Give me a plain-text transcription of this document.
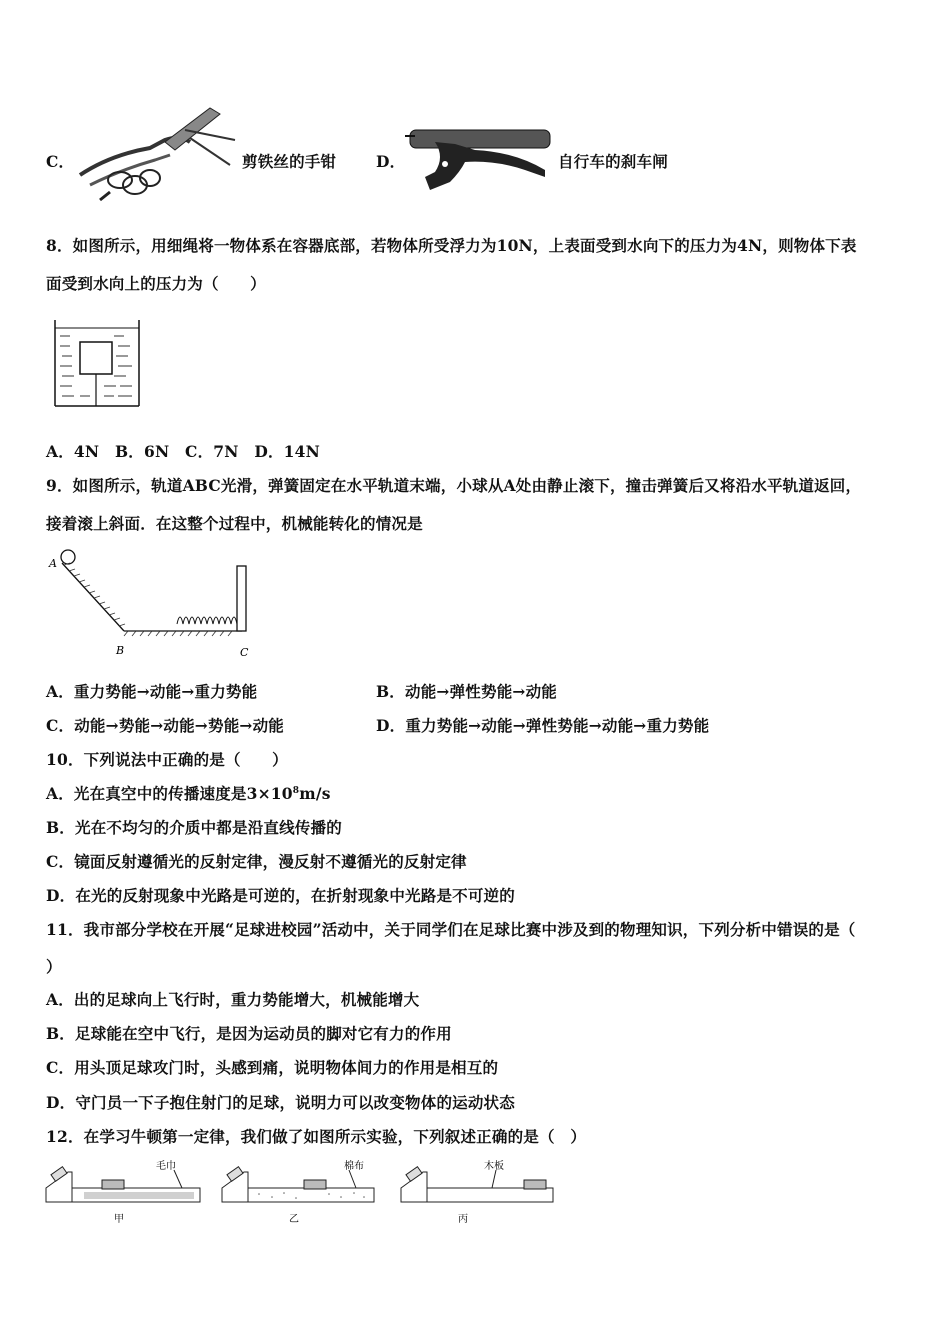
C．	剪铁丝的手钳	D．	自行车的刹车闸
8．如图所示，用细绳将一物体系在容器底部，若物体所受浮力为10N，上表面受到水向下的压力为4N，则物体下表
面受到水向上的压力为（　　）
A．4N　B．6N　C．7N　D．14N
9．如图所示，轨道ABC光滑，弹簧固定在水平轨道末端，小球从A处由静止滚下，撞击弹簧后又将沿水平轨道返回，
接着滚上斜面．在这整个过程中，机械能转化的情况是
A
B	C
A．重力势能→动能→重力势能	B．动能→弹性势能→动能
C．动能→势能→动能→势能→动能	D．重力势能→动能→弹性势能→动能→重力势能
10．下列说法中正确的是（　　）
A．光在真空中的传播速度是$3\times 10^8m/s$
B．光在不均匀的介质中都是沿直线传播的
C．镜面反射遵循光的反射定律，漫反射不遵循光的反射定律
D．在光的反射现象中光路是可逆的，在折射现象中光路是不可逆的
11．我市部分学校在开展“足球进校园”活动中，关于同学们在足球比赛中涉及到的物理知识，下列分析中错误的是（
）
A．出的足球向上飞行时，重力势能增大，机械能增大
B．足球能在空中飞行，是因为运动员的脚对它有力的作用
C．用头顶足球攻门时，头感到痛，说明物体间力的作用是相互的
D．守门员一下子抱住射门的足球，说明力可以改变物体的运动状态
12．在学习牛顿第一定律，我们做了如图所示实验，下列叙述正确的是（　）
毛巾
甲
棉布
乙
木板
丙
